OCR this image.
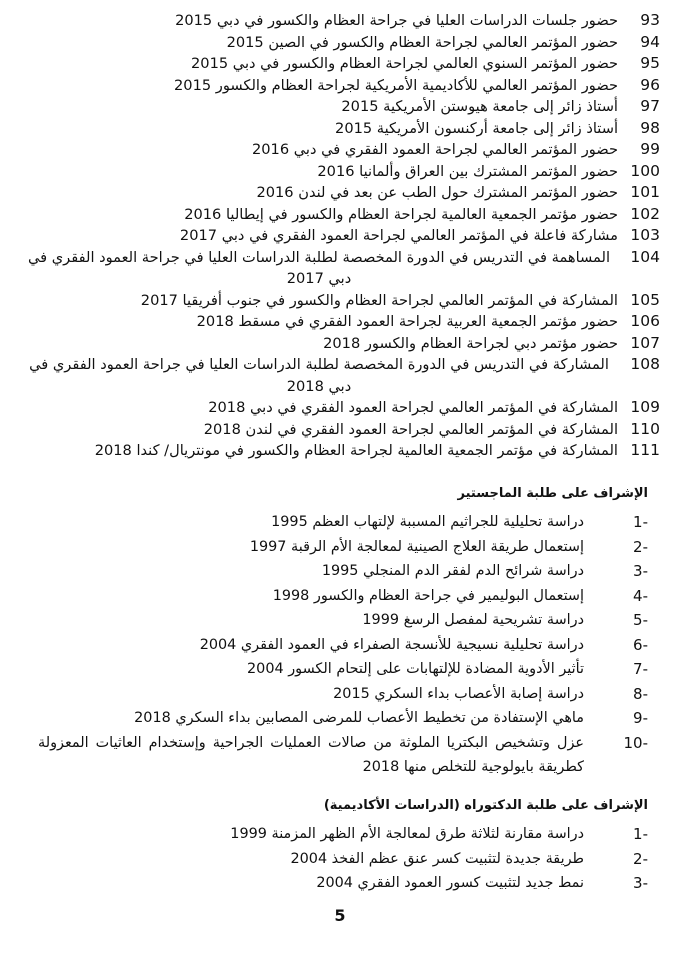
93
حضور جلسات الدراسات العليا في جراحة العظام والكسور في دبي 2015
94
حضور المؤتمر العالمي لجراحة العظام والكسور في الصين 2015
95
حضور المؤتمر السنوي العالمي لجراحة العظام والكسور في دبي 2015
96
حضور المؤتمر العالمي للأكاديمية الأمريكية لجراحة العظام والكسور 2015
97
أستاذ زائر إلى جامعة هيوستن الأمريكية 2015
98
أستاذ زائر إلى جامعة أركنسون الأمريكية 2015
99
حضور المؤتمر العالمي لجراحة العمود الفقري في دبي 2016
100
حضور المؤتمر المشترك بين العراق وألمانيا 2016
101
حضور المؤتمر المشترك حول الطب عن بعد في لندن 2016
102
حضور مؤتمر الجمعية العالمية لجراحة العظام والكسور في إيطاليا 2016
103
مشاركة فاعلة في المؤتمر العالمي لجراحة العمود الفقري في دبي 2017
104
المساهمة في التدريس في الدورة المخصصة لطلبة الدراسات العليا في جراحة العمود الفقري في
دبي 2017
105
المشاركة في المؤتمر العالمي لجراحة العظام والكسور في جنوب أفريقيا 2017
106
حضور مؤتمر الجمعية العربية لجراحة العمود الفقري في مسقط 2018
107
حضور مؤتمر دبي لجراحة العظام والكسور 2018
108
المشاركة في التدريس في الدورة المخصصة لطلبة الدراسات العليا في جراحة العمود الفقري في
دبي 2018
109
المشاركة في المؤتمر العالمي لجراحة العمود الفقري في دبي 2018
110
المشاركة في المؤتمر العالمي لجراحة العمود الفقري في لندن 2018
111
المشاركة في مؤتمر الجمعية العالمية لجراحة العظام والكسور في مونتريال/ كندا 2018
الإشراف على طلبة الماجستير
-1
دراسة تحليلية للجراثيم المسببة لإلتهاب العظم 1995
-2
إستعمال طريقة العلاج الصينية لمعالجة الأم الرقبة 1997
-3
دراسة شرائح الدم لفقر الدم المنجلي 1995
-4
إستعمال البوليمير في جراحة العظام والكسور 1998
-5
دراسة تشريحية لمفصل الرسغ 1999
-6
دراسة تحليلية نسيجية للأنسجة الصفراء في العمود الفقري 2004
-7
تأثير الأدوية المضادة للإلتهابات على إلتحام الكسور 2004
-8
دراسة إصابة الأعصاب بداء السكري 2015
-9
ماهي الإستفادة من تخطيط الأعصاب للمرضى المصابين بداء السكري 2018
-10
عزل وتشخيص البكتريا الملوثة من صالات العمليات الجراحية وإستخدام العاثيات المعزولة كطريقة بايولوجية للتخلص منها 2018
الإشراف على طلبة الدكتوراه (الدراسات الأكاديمية)
-1
دراسة مقارنة لثلاثة طرق لمعالجة الأم الظهر المزمنة 1999
-2
طريقة جديدة لتثبيت كسر عنق عظم الفخذ 2004
-3
نمط جديد لتثبيت كسور العمود الفقري 2004
5
